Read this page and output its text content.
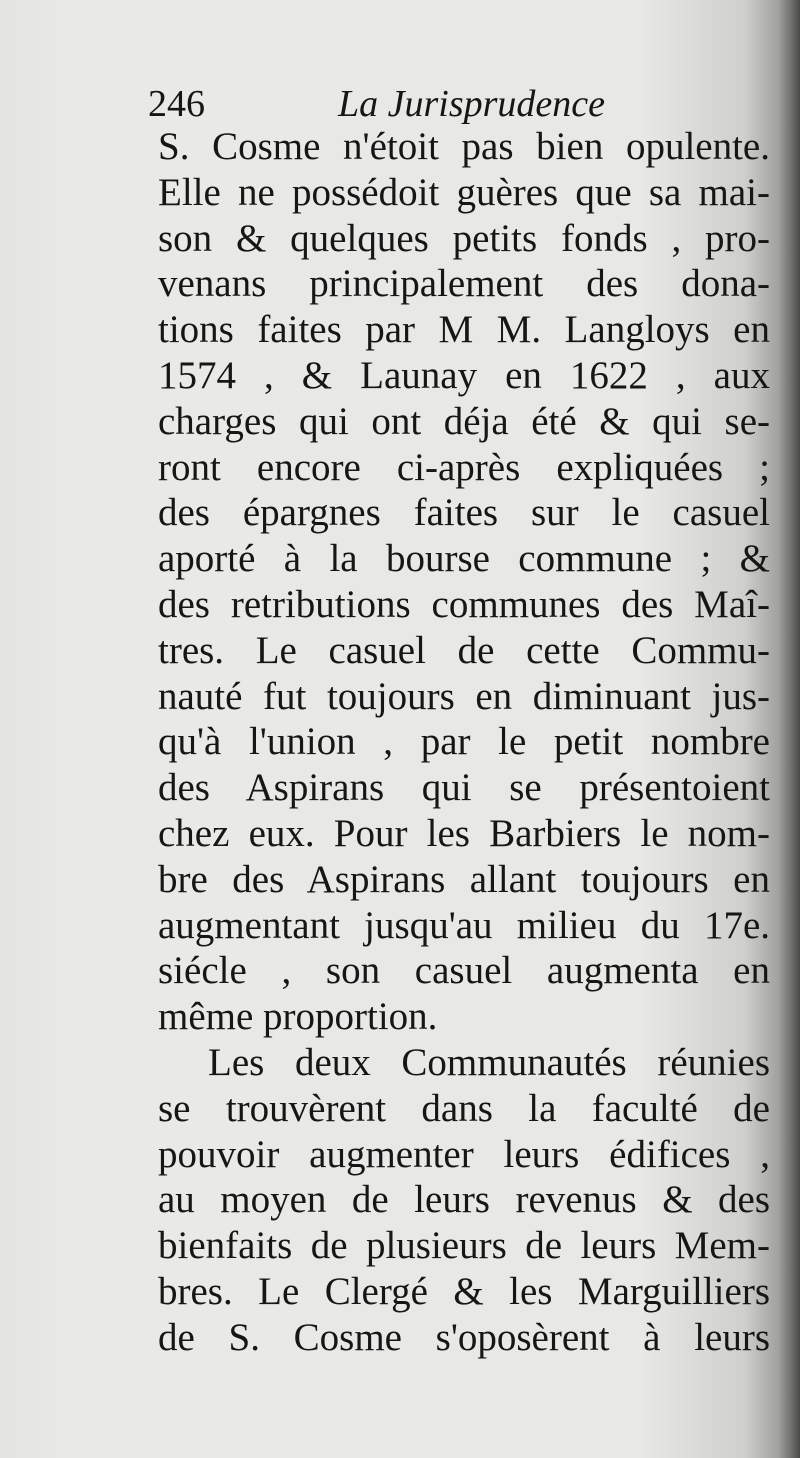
246	La Jurisprudence
S. Cosme n'étoit pas bien opulente.
Elle ne possédoit guères que sa mai-
son & quelques petits fonds , pro-
venans principalement des dona-
tions faites par M M. Langloys en
1574 , & Launay en 1622 , aux
charges qui ont déja été & qui se-
ront encore ci-après expliquées ;
des épargnes faites sur le casuel
aporté à la bourse commune ; &
des retributions communes des Maî-
tres. Le casuel de cette Commu-
nauté fut toujours en diminuant jus-
qu'à l'union , par le petit nombre
des Aspirans qui se présentoient
chez eux. Pour les Barbiers le nom-
bre des Aspirans allant toujours en
augmentant jusqu'au milieu du 17e.
siécle , son casuel augmenta en
même proportion.
Les deux Communautés réunies
se trouvèrent dans la faculté de
pouvoir augmenter leurs édifices ,
au moyen de leurs revenus & des
bienfaits de plusieurs de leurs Mem-
bres. Le Clergé & les Marguilliers
de S. Cosme s'oposèrent à leurs
